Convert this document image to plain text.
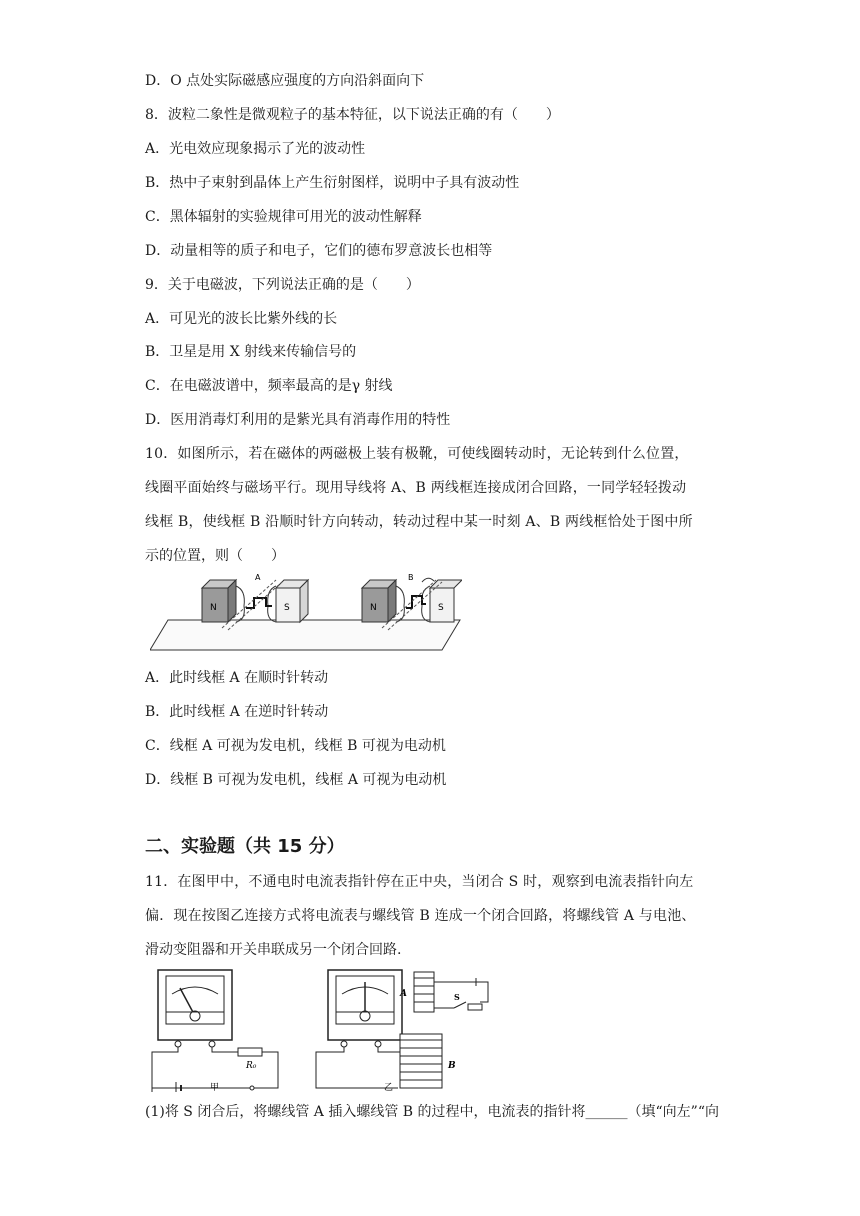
D．O 点处实际磁感应强度的方向沿斜面向下
8．波粒二象性是微观粒子的基本特征，以下说法正确的有（　　）
A．光电效应现象揭示了光的波动性
B．热中子束射到晶体上产生衍射图样，说明中子具有波动性
C．黑体辐射的实验规律可用光的波动性解释
D．动量相等的质子和电子，它们的德布罗意波长也相等
9．关于电磁波，下列说法正确的是（　　）
A．可见光的波长比紫外线的长
B．卫星是用 X 射线来传输信号的
C．在电磁波谱中，频率最高的是γ 射线
D．医用消毒灯利用的是紫光具有消毒作用的特性
10．如图所示，若在磁体的两磁极上装有极靴，可使线圈转动时，无论转到什么位置，
线圈平面始终与磁场平行。现用导线将 A、B 两线框连接成闭合回路，一同学轻轻拨动
线框 B，使线框 B 沿顺时针方向转动，转动过程中某一时刻 A、B 两线框恰处于图中所
示的位置，则（　　）
N	S
A
N	S
B
A．此时线框 A 在顺时针转动
B．此时线框 A 在逆时针转动
C．线框 A 可视为发电机，线框 B 可视为电动机
D．线框 B 可视为发电机，线框 A 可视为电动机
二、实验题（共 15 分）
11．在图甲中，不通电时电流表指针停在正中央，当闭合 S 时，观察到电流表指针向左
偏．现在按图乙连接方式将电流表与螺线管 B 连成一个闭合回路，将螺线管 A 与电池、
滑动变阻器和开关串联成另一个闭合回路.
R₀
甲
B
A	S
乙
(1)将 S 闭合后，将螺线管 A 插入螺线管 B 的过程中，电流表的指针将______（填“向左”“向
